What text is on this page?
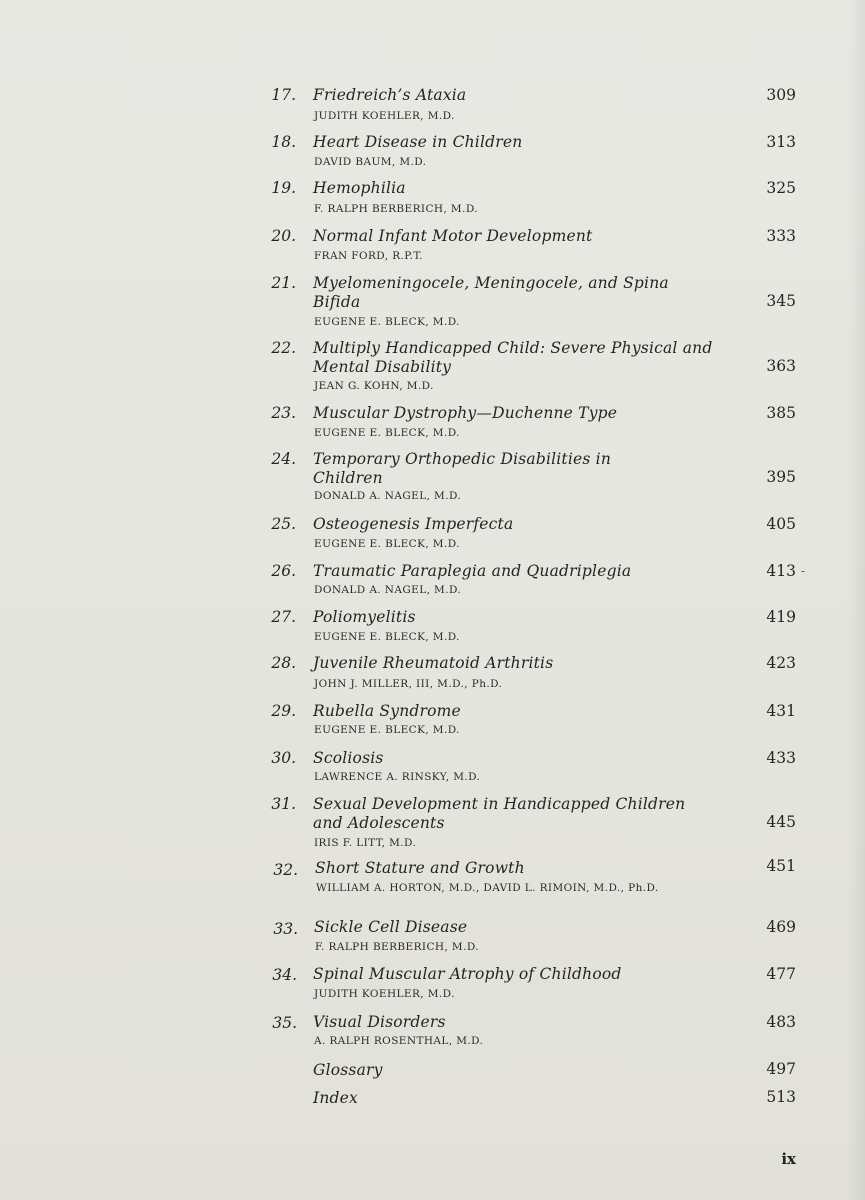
17. Friedreich’s Ataxia
JUDITH KOEHLER, M.D.
309
18. Heart Disease in Children
DAVID BAUM, M.D.
313
19. Hemophilia
F. RALPH BERBERICH, M.D.
325
20. Normal Infant Motor Development
FRAN FORD, R.P.T.
333
21. Myelomeningocele, Meningocele, and Spina Bifida
EUGENE E. BLECK, M.D.
345
22. Multiply Handicapped Child: Severe Physical and Mental Disability
JEAN G. KOHN, M.D.
363
23. Muscular Dystrophy—Duchenne Type
EUGENE E. BLECK, M.D.
385
24. Temporary Orthopedic Disabilities in Children
DONALD A. NAGEL, M.D.
395
25. Osteogenesis Imperfecta
EUGENE E. BLECK, M.D.
405
26. Traumatic Paraplegia and Quadriplegia
DONALD A. NAGEL, M.D.
413
27. Poliomyelitis
EUGENE E. BLECK, M.D.
419
28. Juvenile Rheumatoid Arthritis
JOHN J. MILLER, III, M.D., Ph.D.
423
29. Rubella Syndrome
EUGENE E. BLECK, M.D.
431
30. Scoliosis
LAWRENCE A. RINSKY, M.D.
433
31. Sexual Development in Handicapped Children and Adolescents
IRIS F. LITT, M.D.
445
32. Short Stature and Growth
WILLIAM A. HORTON, M.D., DAVID L. RIMOIN, M.D., Ph.D.
451
33. Sickle Cell Disease
F. RALPH BERBERICH, M.D.
469
34. Spinal Muscular Atrophy of Childhood
JUDITH KOEHLER, M.D.
477
35. Visual Disorders
A. RALPH ROSENTHAL, M.D.
483
Glossary	497
Index	513
-
ix
